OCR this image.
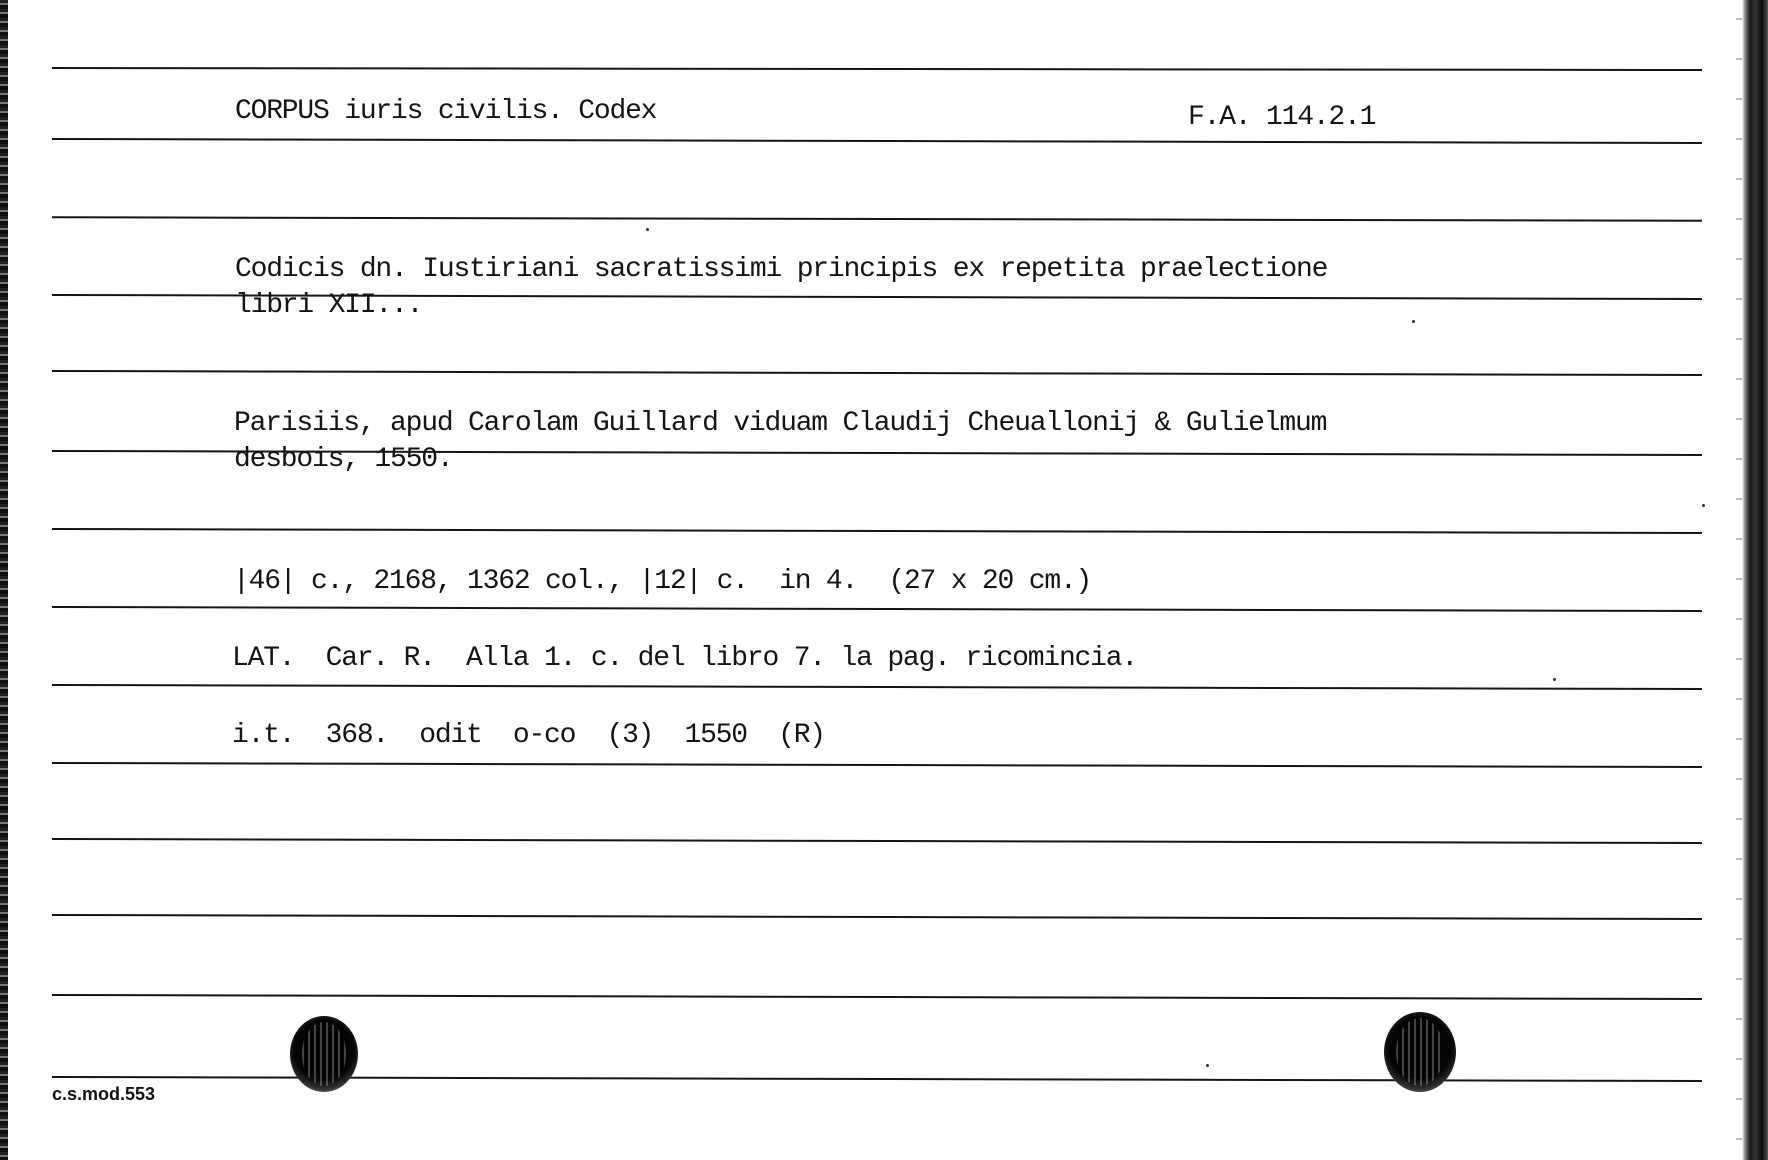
CORPUS iuris civilis. Codex	F.A. 114.2.1
Codicis dn. Iustiriani sacratissimi principis ex repetita praelectione
libri XII...
Parisiis, apud Carolam Guillard viduam Claudij Cheuallonij & Gulielmum
desbois, 1550.
|46| c., 2168, 1362 col., |12| c.  in 4.  (27 x 20 cm.)
LAT.  Car. R.  Alla 1. c. del libro 7. la pag. ricomincia.
i.t.  368.  odit  o-co  (3)  1550  (R)
c.s.mod.553
